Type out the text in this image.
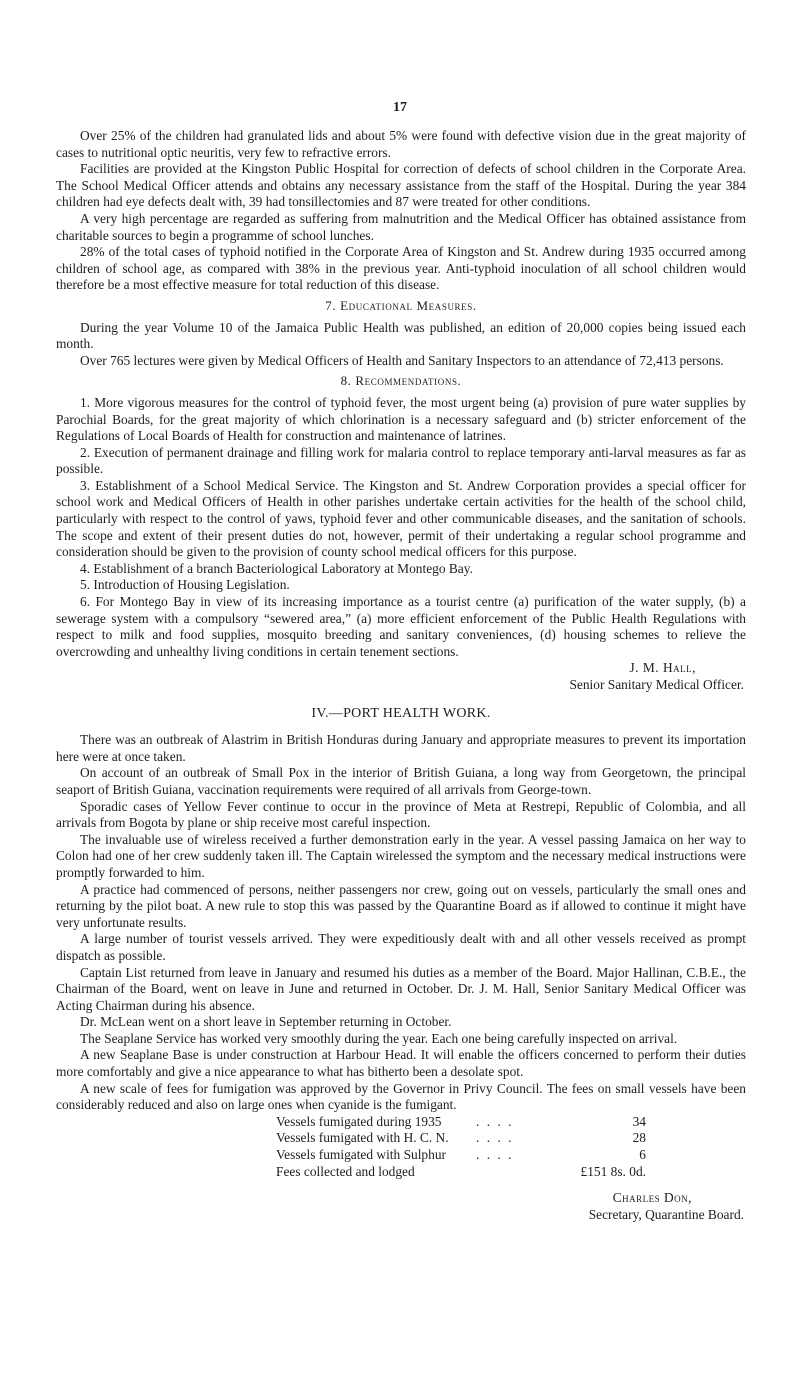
17

Over 25% of the children had granulated lids and about 5% were found with defective vision due in the great majority of cases to nutritional optic neuritis, very few to refractive errors.

Facilities are provided at the Kingston Public Hospital for correction of defects of school children in the Corporate Area. The School Medical Officer attends and obtains any necessary assistance from the staff of the Hospital. During the year 384 children had eye defects dealt with, 39 had tonsillectomies and 87 were treated for other conditions.

A very high percentage are regarded as suffering from malnutrition and the Medical Officer has obtained assistance from charitable sources to begin a programme of school lunches.

28% of the total cases of typhoid notified in the Corporate Area of Kingston and St. Andrew during 1935 occurred among children of school age, as compared with 38% in the previous year. Anti-typhoid inoculation of all school children would therefore be a most effective measure for total reduction of this disease.

7. Educational Measures.

During the year Volume 10 of the Jamaica Public Health was published, an edition of 20,000 copies being issued each month.

Over 765 lectures were given by Medical Officers of Health and Sanitary Inspectors to an attendance of 72,413 persons.

8. Recommendations.

1. More vigorous measures for the control of typhoid fever, the most urgent being (a) provision of pure water supplies by Parochial Boards, for the great majority of which chlorination is a necessary safeguard and (b) stricter enforcement of the Regulations of Local Boards of Health for construction and maintenance of latrines.

2. Execution of permanent drainage and filling work for malaria control to replace temporary anti-larval measures as far as possible.

3. Establishment of a School Medical Service. The Kingston and St. Andrew Corporation provides a special officer for school work and Medical Officers of Health in other parishes undertake certain activities for the health of the school child, particularly with respect to the control of yaws, typhoid fever and other communicable diseases, and the sanitation of schools. The scope and extent of their present duties do not, however, permit of their undertaking a regular school programme and consideration should be given to the provision of county school medical officers for this purpose.

4. Establishment of a branch Bacteriological Laboratory at Montego Bay.

5. Introduction of Housing Legislation.

6. For Montego Bay in view of its increasing importance as a tourist centre (a) purification of the water supply, (b) a sewerage system with a compulsory “sewered area,” (a) more efficient enforcement of the Public Health Regulations with respect to milk and food supplies, mosquito breeding and sanitary conveniences, (d) housing schemes to relieve the overcrowding and unhealthy living conditions in certain tenement sections.

J. M. Hall,
Senior Sanitary Medical Officer.
IV.—PORT HEALTH WORK.

There was an outbreak of Alastrim in British Honduras during January and appropriate measures to prevent its importation here were at once taken.

On account of an outbreak of Small Pox in the interior of British Guiana, a long way from Georgetown, the principal seaport of British Guiana, vaccination requirements were required of all arrivals from George-town.

Sporadic cases of Yellow Fever continue to occur in the province of Meta at Restrepi, Republic of Colombia, and all arrivals from Bogota by plane or ship receive most careful inspection.

The invaluable use of wireless received a further demonstration early in the year. A vessel passing Jamaica on her way to Colon had one of her crew suddenly taken ill. The Captain wirelessed the symptom and the necessary medical instructions were promptly forwarded to him.

A practice had commenced of persons, neither passengers nor crew, going out on vessels, particularly the small ones and returning by the pilot boat. A new rule to stop this was passed by the Quarantine Board as if allowed to continue it might have very unfortunate results.

A large number of tourist vessels arrived. They were expeditiously dealt with and all other vessels received as prompt dispatch as possible.

Captain List returned from leave in January and resumed his duties as a member of the Board. Major Hallinan, C.B.E., the Chairman of the Board, went on leave in June and returned in October. Dr. J. M. Hall, Senior Sanitary Medical Officer was Acting Chairman during his absence.

Dr. McLean went on a short leave in September returning in October.

The Seaplane Service has worked very smoothly during the year. Each one being carefully inspected on arrival.

A new Seaplane Base is under construction at Harbour Head. It will enable the officers concerned to perform their duties more comfortably and give a nice appearance to what has bitherto been a desolate spot.

A new scale of fees for fumigation was approved by the Governor in Privy Council. The fees on small vessels have been considerably reduced and also on large ones when cyanide is the fumigant.

Vessels fumigated during 1935	. . . .	34
Vessels fumigated with H. C. N.	. . . .	28
Vessels fumigated with Sulphur	. . . .	6
Fees collected and lodged		£151 8s. 0d.
Charles Don,
Secretary, Quarantine Board.
